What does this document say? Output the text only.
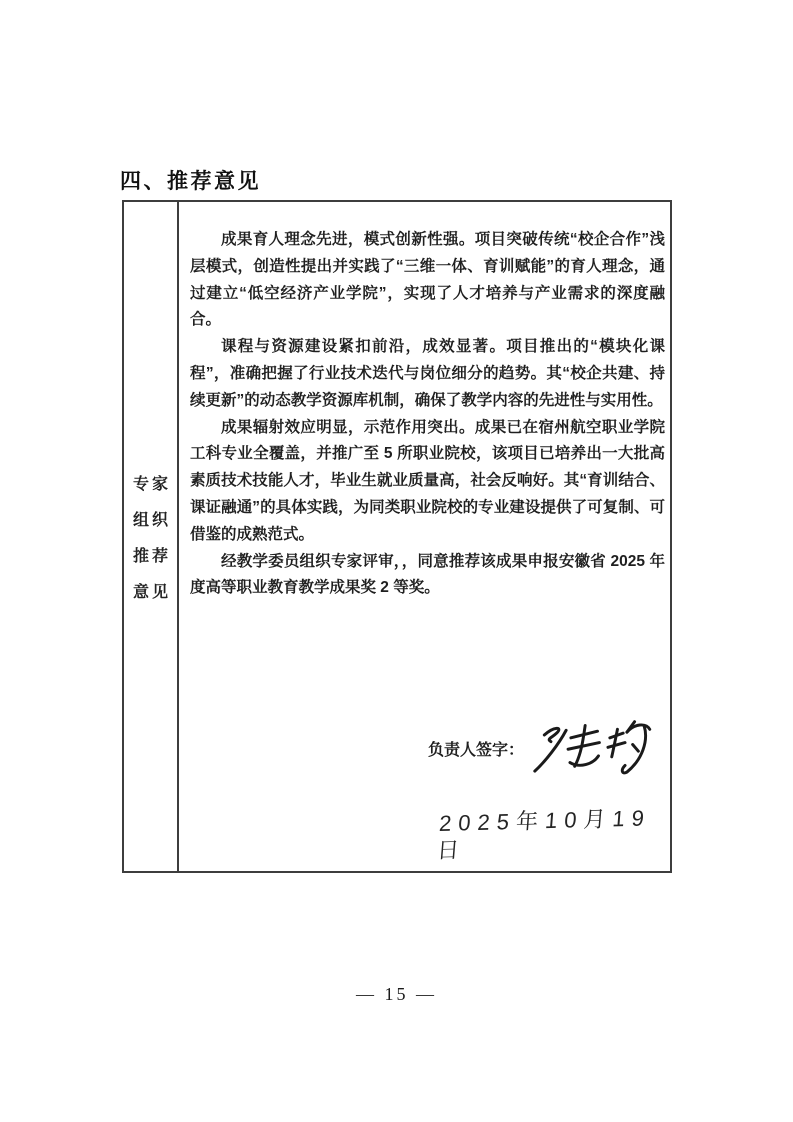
四、推荐意见
专家
组织
推荐
意见

成果育人理念先进，模式创新性强。项目突破传统“校企合作”浅层模式，创造性提出并实践了“三维一体、育训赋能”的育人理念，通过建立“低空经济产业学院”，实现了人才培养与产业需求的深度融合。

课程与资源建设紧扣前沿，成效显著。项目推出的“模块化课程”，准确把握了行业技术迭代与岗位细分的趋势。其“校企共建、持续更新”的动态教学资源库机制，确保了教学内容的先进性与实用性。

成果辐射效应明显，示范作用突出。成果已在宿州航空职业学院工科专业全覆盖，并推广至 5 所职业院校，该项目已培养出一大批高素质技术技能人才，毕业生就业质量高，社会反响好。其“育训结合、课证融通”的具体实践，为同类职业院校的专业建设提供了可复制、可借鉴的成熟范式。

经教学委员组织专家评审，，同意推荐该成果申报安徽省 2025 年度高等职业教育教学成果奖 2 等奖。

负责人签字：
2025年10月19日
— 15 —
